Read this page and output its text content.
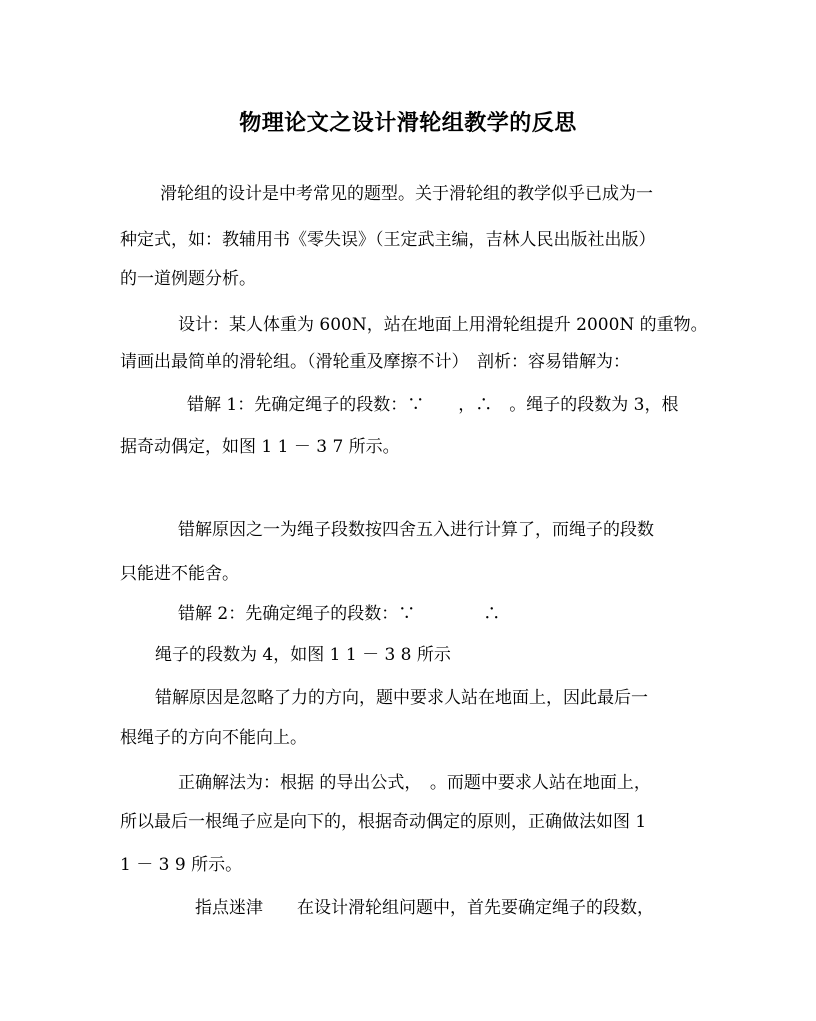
物理论文之设计滑轮组教学的反思
滑轮组的设计是中考常见的题型。关于滑轮组的教学似乎已成为一
种定式，如：教辅用书《零失误》（王定武主编，吉林人民出版社出版）
的一道例题分析。
设计：某人体重为 600N，站在地面上用滑轮组提升 2000N 的重物。
请画出最简单的滑轮组。（滑轮重及摩擦不计）　剖析：容易错解为：
错解 1：先确定绳子的段数：∵　　，∴　。绳子的段数为 3，根
据奇动偶定，如图 1 1 － 3 7 所示。
错解原因之一为绳子段数按四舍五入进行计算了，而绳子的段数
只能进不能舍。
错解 2：先确定绳子的段数：∵　　　　∴
绳子的段数为 4，如图 1 1 － 3 8 所示
错解原因是忽略了力的方向，题中要求人站在地面上，因此最后一
根绳子的方向不能向上。
正确解法为：根据 的导出公式，　。而题中要求人站在地面上，
所以最后一根绳子应是向下的，根据奇动偶定的原则，正确做法如图 1
1 － 3 9 所示。
指点迷津　　在设计滑轮组问题中，首先要确定绳子的段数，
